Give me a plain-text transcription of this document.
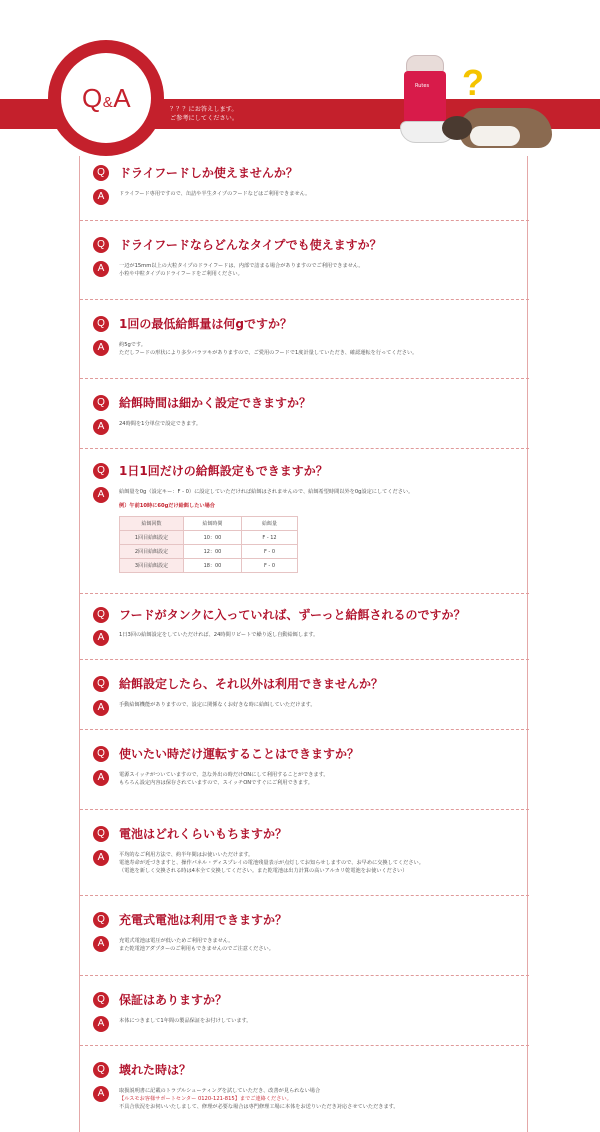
Q&A	？？？にお答えします。

ご参考にしてください。

Rutes ?
Q	ドライフードしか使えませんか？
A	ドライフード専用ですので、缶詰や半生タイプのフードなどはご利用できません。

Q	ドライフードならどんなタイプでも使えますか？
A	一辺が15mm以上の大粒タイプのドライフードは、内部で詰まる場合がありますのでご利用できません。

小粒や中粒タイプのドライフードをご利用ください。

Q	1回の最低給餌量は何gですか？
A	約5gです。

ただしフードの形状により多少バラツキがありますので、ご愛用のフードで1度計量していただき、確認運転を行ってください。

Q	給餌時間は細かく設定できますか？
A	24時間を1分単位で設定できます。

Q	1日1回だけの給餌設定もできますか？
A	給餌量を0g（設定キー：F - 0）に設定していただければ給餌はされませんので、給餌希望時間以外を0g設定にしてください。

例）午前10時に60gだけ給餌したい場合

給餌回数	給餌時間	給餌量
1回目給餌設定	10：00	F - 12
2回目給餌設定	12：00	F - 0
3回目給餌設定	18：00	F - 0
Q	フードがタンクに入っていれば、ずーっと給餌されるのですか？
A	1日3回の給餌設定をしていただければ、24時間リピートで繰り返し自動給餌します。

Q	給餌設定したら、それ以外は利用できませんか？
A	手動給餌機能がありますので、設定に関係なくお好きな時に給餌していただけます。

Q	使いたい時だけ運転することはできますか？
A	電源スイッチがついていますので、急な外出の時だけONにして利用することができます。

もちろん設定内容は保存されていますので、スイッチONですぐにご利用できます。

Q	電池はどれくらいもちますか？
A	平均的なご利用方法で、約半年間はお使いいただけます。

電池寿命が近づきますと、操作パネル・ディスプレイの電池残量表示が点灯してお知らせしますので、お早めに交換してください。

（電池を新しく交換される時は4本全て交換してください。また乾電池は出力計算の高いアルカリ乾電池をお使いください）

Q	充電式電池は利用できますか？
A	充電式電池は電圧が低いためご利用できません。

また乾電池アダプターのご利用もできませんのでご注意ください。

Q	保証はありますか？
A	本体につきまして1年間の製品保証をお付けしています。

Q	壊れた時は？
A	取扱説明書に記載のトラブルシューティングを試していただき、改善が見られない場合

【ルスモお客様サポートセンター 0120-121-815】までご連絡ください。

不具合状況をお伺いいたしまして、修理が必要な場合は専門修理工場に本体をお送りいただき対応させていただきます。
